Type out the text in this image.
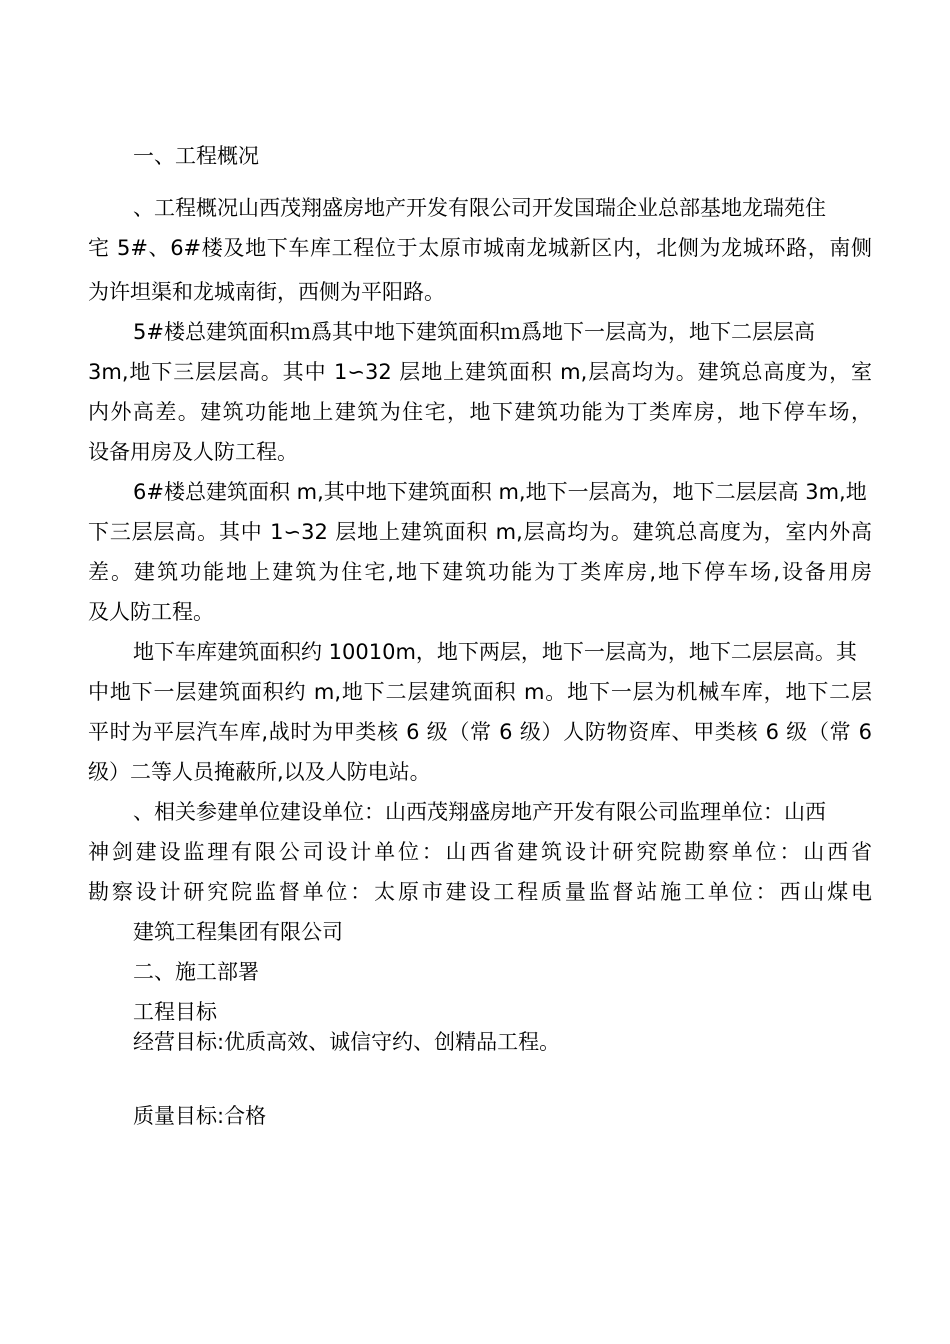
一、工程概况
、工程概况山西茂翔盛房地产开发有限公司开发国瑞企业总部基地龙瑞苑住
宅 5#、6#楼及地下车库工程位于太原市城南龙城新区内，北侧为龙城环路，南侧
为许坦渠和龙城南街，西侧为平阳路。
5#楼总建筑面积ｍ爲其中地下建筑面积ｍ爲地下一层高为，地下二层层高
3m,地下三层层高。其中 1∽32 层地上建筑面积 m,层高均为。建筑总高度为，室
内外高差。建筑功能地上建筑为住宅，地下建筑功能为丁类库房，地下停车场，
设备用房及人防工程。
6#楼总建筑面积 m,其中地下建筑面积 m,地下一层高为，地下二层层高 3m,地
下三层层高。其中 1∽32 层地上建筑面积 m,层高均为。建筑总高度为，室内外高
差。建筑功能地上建筑为住宅,地下建筑功能为丁类库房,地下停车场,设备用房
及人防工程。
地下车库建筑面积约 10010m，地下两层，地下一层高为，地下二层层高。其
中地下一层建筑面积约 m,地下二层建筑面积 m。地下一层为机械车库，地下二层
平时为平层汽车库,战时为甲类核 6 级（常 6 级）人防物资库、甲类核 6 级（常 6
级）二等人员掩蔽所,以及人防电站。
、相关参建单位建设单位：山西茂翔盛房地产开发有限公司监理单位：山西
神剑建设监理有限公司设计单位：山西省建筑设计研究院勘察单位：山西省
勘察设计研究院监督单位：太原市建设工程质量监督站施工单位：西山煤电
建筑工程集团有限公司
二、施工部署
工程目标
经营目标:优质高效、诚信守约、创精品工程。
质量目标:合格
